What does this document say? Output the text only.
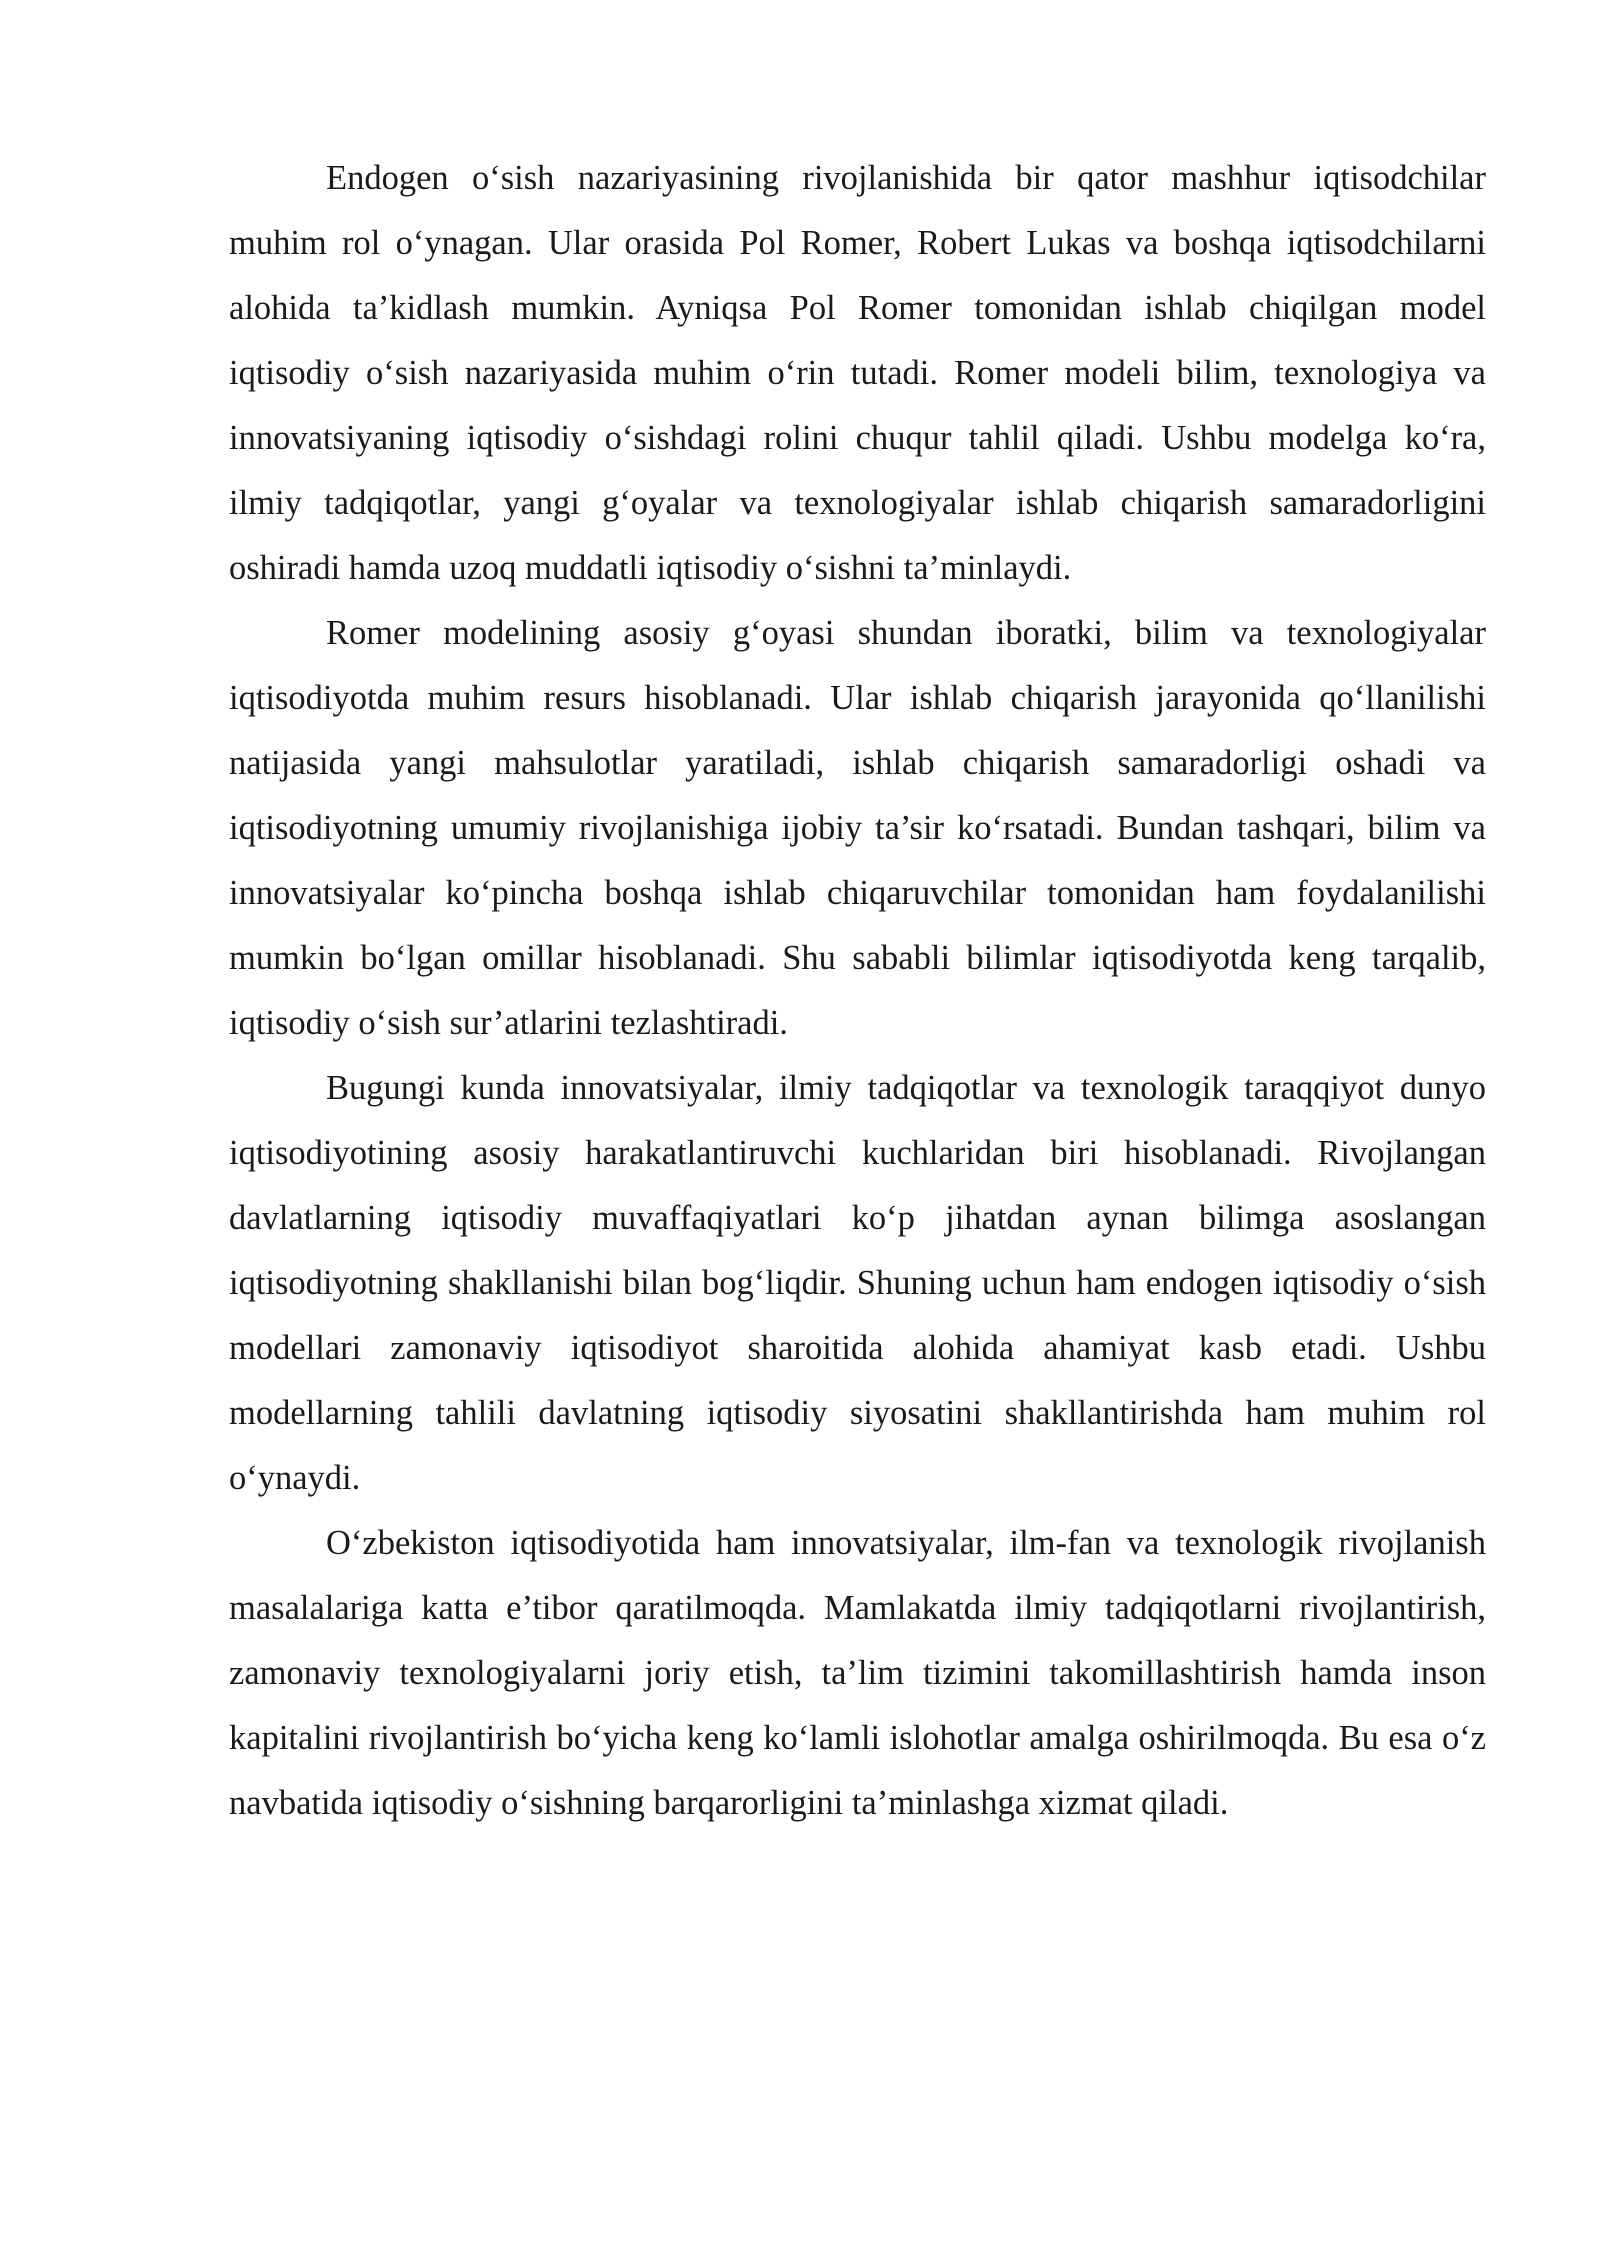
Endogen o‘sish nazariyasining rivojlanishida bir qator mashhur iqtisodchilar muhim rol o‘ynagan. Ular orasida Pol Romer, Robert Lukas va boshqa iqtisodchilarni alohida ta’kidlash mumkin. Ayniqsa Pol Romer tomonidan ishlab chiqilgan model iqtisodiy o‘sish nazariyasida muhim o‘rin tutadi. Romer modeli bilim, texnologiya va innovatsiyaning iqtisodiy o‘sishdagi rolini chuqur tahlil qiladi. Ushbu modelga ko‘ra, ilmiy tadqiqotlar, yangi g‘oyalar va texnologiyalar ishlab chiqarish samaradorligini oshiradi hamda uzoq muddatli iqtisodiy o‘sishni ta’minlaydi.

Romer modelining asosiy g‘oyasi shundan iboratki, bilim va texnologiyalar iqtisodiyotda muhim resurs hisoblanadi. Ular ishlab chiqarish jarayonida qo‘llanilishi natijasida yangi mahsulotlar yaratiladi, ishlab chiqarish samaradorligi oshadi va iqtisodiyotning umumiy rivojlanishiga ijobiy ta’sir ko‘rsatadi. Bundan tashqari, bilim va innovatsiyalar ko‘pincha boshqa ishlab chiqaruvchilar tomonidan ham foydalanilishi mumkin bo‘lgan omillar hisoblanadi. Shu sababli bilimlar iqtisodiyotda keng tarqalib, iqtisodiy o‘sish sur’atlarini tezlashtiradi.

Bugungi kunda innovatsiyalar, ilmiy tadqiqotlar va texnologik taraqqiyot dunyo iqtisodiyotining asosiy harakatlantiruvchi kuchlaridan biri hisoblanadi. Rivojlangan davlatlarning iqtisodiy muvaffaqiyatlari ko‘p jihatdan aynan bilimga asoslangan iqtisodiyotning shakllanishi bilan bog‘liqdir. Shuning uchun ham endogen iqtisodiy o‘sish modellari zamonaviy iqtisodiyot sharoitida alohida ahamiyat kasb etadi. Ushbu modellarning tahlili davlatning iqtisodiy siyosatini shakllantirishda ham muhim rol o‘ynaydi.

O‘zbekiston iqtisodiyotida ham innovatsiyalar, ilm-fan va texnologik rivojlanish masalalariga katta e’tibor qaratilmoqda. Mamlakatda ilmiy tadqiqotlarni rivojlantirish, zamonaviy texnologiyalarni joriy etish, ta’lim tizimini takomillashtirish hamda inson kapitalini rivojlantirish bo‘yicha keng ko‘lamli islohotlar amalga oshirilmoqda. Bu esa o‘z navbatida iqtisodiy o‘sishning barqarorligini ta’minlashga xizmat qiladi.
